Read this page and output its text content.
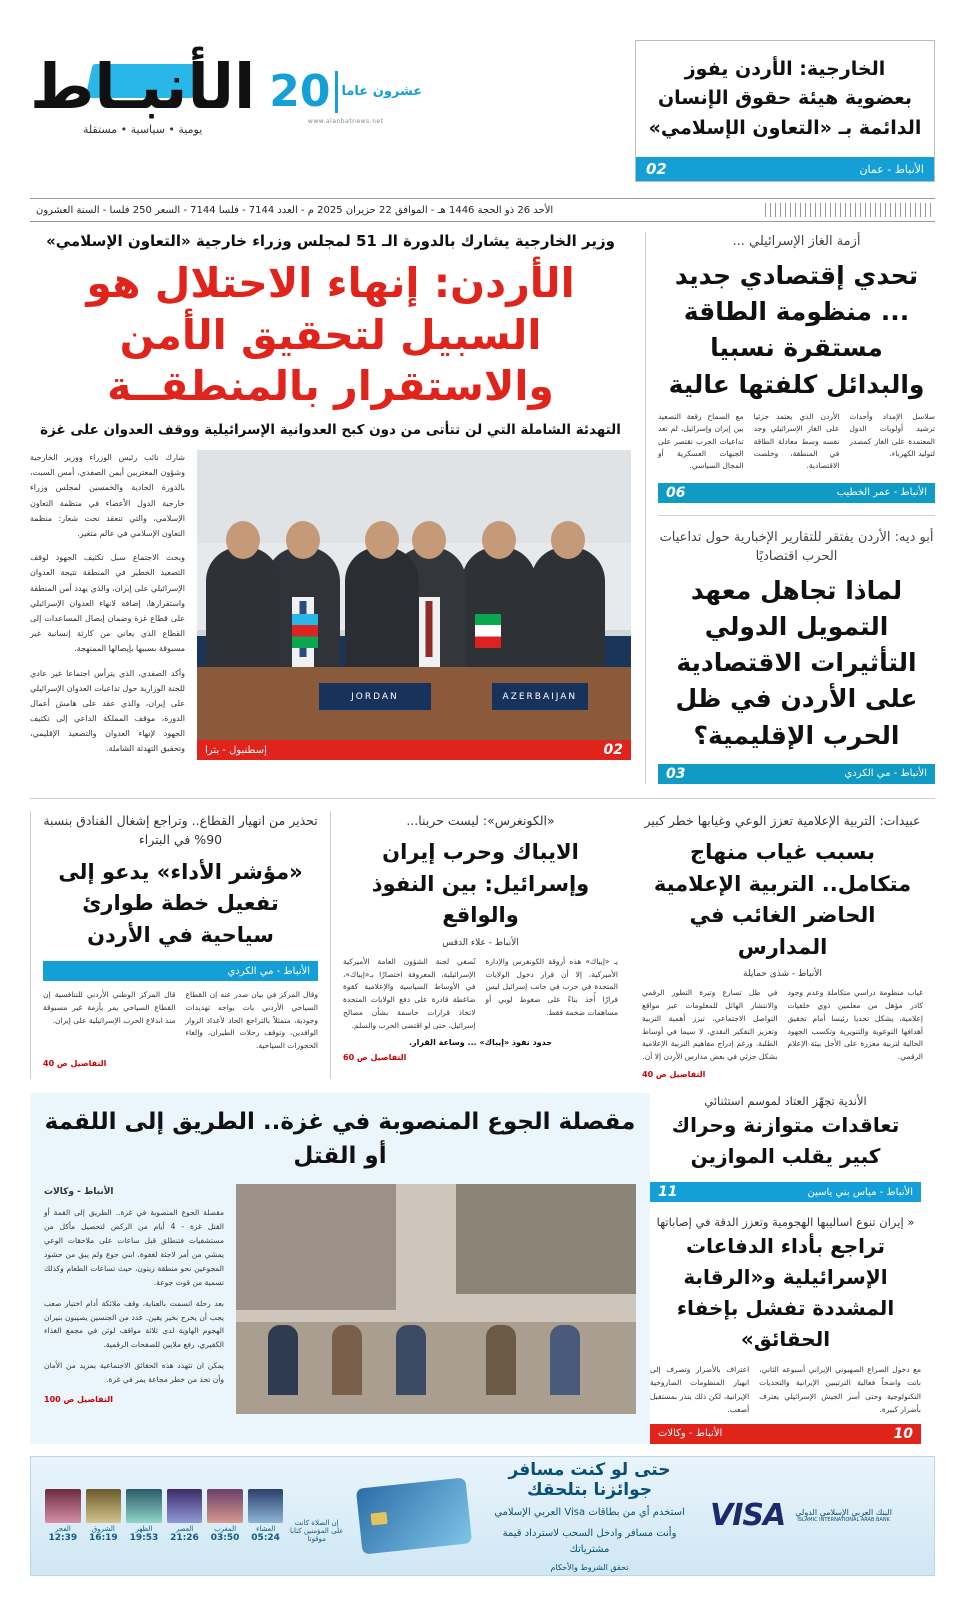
الخارجية: الأردن يفوز بعضوية هيئة حقوق الإنسان الدائمة بـ «التعاون الإسلامي»
الأنباط - عمان
02
عشرون عاما
20
www.alanbatnews.net
الأنبـاط
يومية • سياسية • مستقلة
الأحد 26 ذو الحجة 1446 هـ - الموافق 22 حزيران 2025 م - العدد 7144 - فلسا 7144 - السعر 250 فلسا - السنة العشرون
أزمة الغاز الإسرائيلي ...
تحدي إقتصادي جديد ... منظومة الطاقة مستقرة نسبيا والبدائل كلفتها عالية
سلاسل الإمداد وأحداث ترشيد أولويات الدول المعتمدة على الغاز كمصدر لتوليد الكهرباء.
الأردن الذي يعتمد جزئيا على الغاز الإسرائيلي وجد نفسه وسط معادلة الطاقة في المنطقة، وخلصت الاقتصادية.
مع السماح رقعة التصعيد بين إيران وإسرائيل، لم تعد تداعيات الحرب تقتصر على الجبهات العسكرية أو المجال السياسي.
الأنباط - عمر الخطيب
06
أبو ديه: الأردن يفتقر للتقارير الإخبارية حول تداعيات الحرب اقتصاديًا
لماذا تجاهل معهد التمويل الدولي التأثيرات الاقتصادية على الأردن في ظل الحرب الإقليمية؟
الأنباط - مي الكردي
03
وزير الخارجية يشارك بالدورة الـ 51 لمجلس وزراء خارجية «التعاون الإسلامي»
الأردن: إنهاء الاحتلال هو السبيل لتحقيق الأمن والاستقرار بالمنطقــة
التهدئة الشاملة التي لن تتأتى من دون كبح العدوانية الإسرائيلية ووقف العدوان على غزة
JORDAN	AZERBAIJAN
02
إسطنبول - بترا

شارك نائب رئيس الوزراء ووزير الخارجية وشؤون المغتربين أيمن الصفدي، أمس السبت، بالدورة الحادية والخمسين لمجلس وزراء خارجية الدول الأعضاء في منظمة التعاون الإسلامي، والتي تنعقد تحت شعار: منظمة التعاون الإسلامي في عالم متغير.

وبحث الاجتماع سبل تكثيف الجهود لوقف التصعيد الخطير في المنطقة نتيجة العدوان الإسرائيلي على إيران، والذي يهدد أمن المنطقة واستقرارها، إضافة لانهاء العدوان الإسرائيلي على قطاع غزة وضمان إيصال المساعدات إلى القطاع الذي يعاني من كارثة إنسانية غير مسبوقة بسببها بإيصالها الممنهجة.

وأكد الصفدي، الذي يترأس اجتماعا غير عادي للجنة الوزارية حول تداعيات العدوان الإسرائيلي على إيران، والذي عقد على هامش أعمال الدورة، موقف المملكة الداعي إلى تكثيف الجهود لإنهاء العدوان والتصعيد الإقليمي، وتحقيق التهدئة الشاملة.

عبيدات: التربية الإعلامية تعزز الوعي وغيابها خطر كبير
بسبب غياب منهاج متكامل.. التربية الإعلامية الحاضر الغائب في المدارس
الأنباط - شذى حمايلة
غياب منظومة دراسي متكاملة وعدم وجود كادر مؤهل من معلمين ذوي خلفيات إعلامية، يشكل تحديا رئيسا أمام تحقيق أهدافها التوعوية والتنويرية وتكسب الجهود الحالية لتربية معززة على الأجل بيئة الإعلام الرقمي.
في ظل تسارع وتيرة التطور الرقمي والانتشار الهائل للمعلومات عبر مواقع التواصل الاجتماعي، تبرز أهمية التربية وتعزيز التفكير النقدي، لا سيما في أوساط الطلبة. ورغم إدراج مفاهيم التربية الإعلامية بشكل جزئي في بعض مدارس الأردن إلا أن.
التفاصيل ص 40
«الكونغرس»: ليست حربنا...
الايباك وحرب إيران وإسرائيل: بين النفوذ والواقع
الأنباط - علاء الدقس
يـ «إيباك» هذه أروقة الكونغرس والإدارة الأميركية، إلا أن قرار دخول الولايات المتحدة في حرب في جانب إسرائيل ليس قرارًا أُخذ بناءً على ضغوط لوبي أو مساهمات ضخمة فقط.
تُصغي لجنة الشؤون العامة الأميركية الإسرائيلية، المعروفة اختصارًا بـ«إيباك»، في الأوساط السياسية والإعلامية كقوة ضاغطة قادرة على دفع الولايات المتحدة لاتخاذ قرارات حاسمة بشأن مصالح إسرائيل، حتى لو اقتضى الحرب والسلم.
حدود نفوذ «إيباك» ... وساعة القرار.
التفاصيل ص 60
تحذير من انهيار القطاع.. وتراجع إشغال الفنادق بنسبة 90% في البتراء
«مؤشر الأداء» يدعو إلى تفعيل خطة طوارئ سياحية في الأردن
الأنباط - مي الكردي

وقال المركز في بيان صدر عنه إن القطاع السياحي الأردني بات يواجه تهديدات وجودية، متمثلاً بالتراجع الحاد لأعداد الزوار الوافدين، وتوقف رحلات الطيران، وإلغاء الحجوزات السياحية.
قال المركز الوطني الأردني للتنافسية إن القطاع السياحي يمر بأزمة غير مسبوقة منذ اندلاع الحرب الإسرائيلية على إيران.
التفاصيل ص 40
الأندية تجهّز العتاد لموسم استثنائي
تعاقدات متوازنة وحراك كبير يقلب الموازين
الأنباط - مياس بني ياسين
11
« إيران تنوع اساليبها الهجومية وتعزز الدقة في إصاباتها
تراجع بأداء الدفاعات الإسرائيلية و«الرقابة المشددة تفشل بإخفاء الحقائق»
مع دخول الصراع الصهيوني الإيراني أسبوعه الثاني، باتت واضحاً فعالية الترتيبين الإيرانية والتحديات التكنولوجية وحتى أسر الجيش الإسرائيلي يعترف بأضرار كبيرة.
اعتراف بالأضرار وتصرف إلى انهيار المنظومات الصاروخية الإيرانية، لكن ذلك ينذر بمستقبل أصعب.
10
الأنباط - وكالات
مقصلة الجوع المنصوبة في غزة.. الطريق إلى اللقمة أو القتل
الأنباط - وكالات

مقصلة الجوع المنصوبة في غزة.. الطريق إلى القمة أو القتل غزة - 4 أيام من الركض لتحصيل مأكل من مستشفيات فتنطلق قبل ساعات على ملاحقات الوعي يمشي من أمر لاجئة لغفوة. ابني جوع ولم يبق من حشود المجوعين نحو منطقة زيتون، حيث تساعات الطعام وكذلك تسمية من قوت جوعة.

بعد رحلة اتسمت بالعناية، وقف ملائكة أدام اختبار صعب يجب أن يخرج بخير يقين. عدد من الجنسين يصيبون بنيران الهجوم الهاوية لدى ثلاثة مواقف لوثن في مجمع الغذاء الكفيري، رفع ملايين للصفحات الرقمية.

يمكن ان تتهدد هذه الحقائق الاجتماعية بمزيد من الأمان وأن تحد من خطر مجاعة يمر في غزة.

التفاصيل ص 100
البنك العربي الإسلامي الدولي
ISLAMIC INTERNATIONAL ARAB BANK
VISA
حتى لو كنت مسافر جوائزنا بتلحقك
استخدم أي من بطاقات Visa العربي الإسلامي
وأنت مسافر وادخل السحب لاسترداد قيمة مشترياتك
تحقق الشروط والأحكام
إن الصلاة كانت على المؤمنين كتابا موقوتا
العشاء
05:24
المغرب
03:50
العصر
21:26
الظهر
19:53
الشروق
16:19
الفجر
12:39
